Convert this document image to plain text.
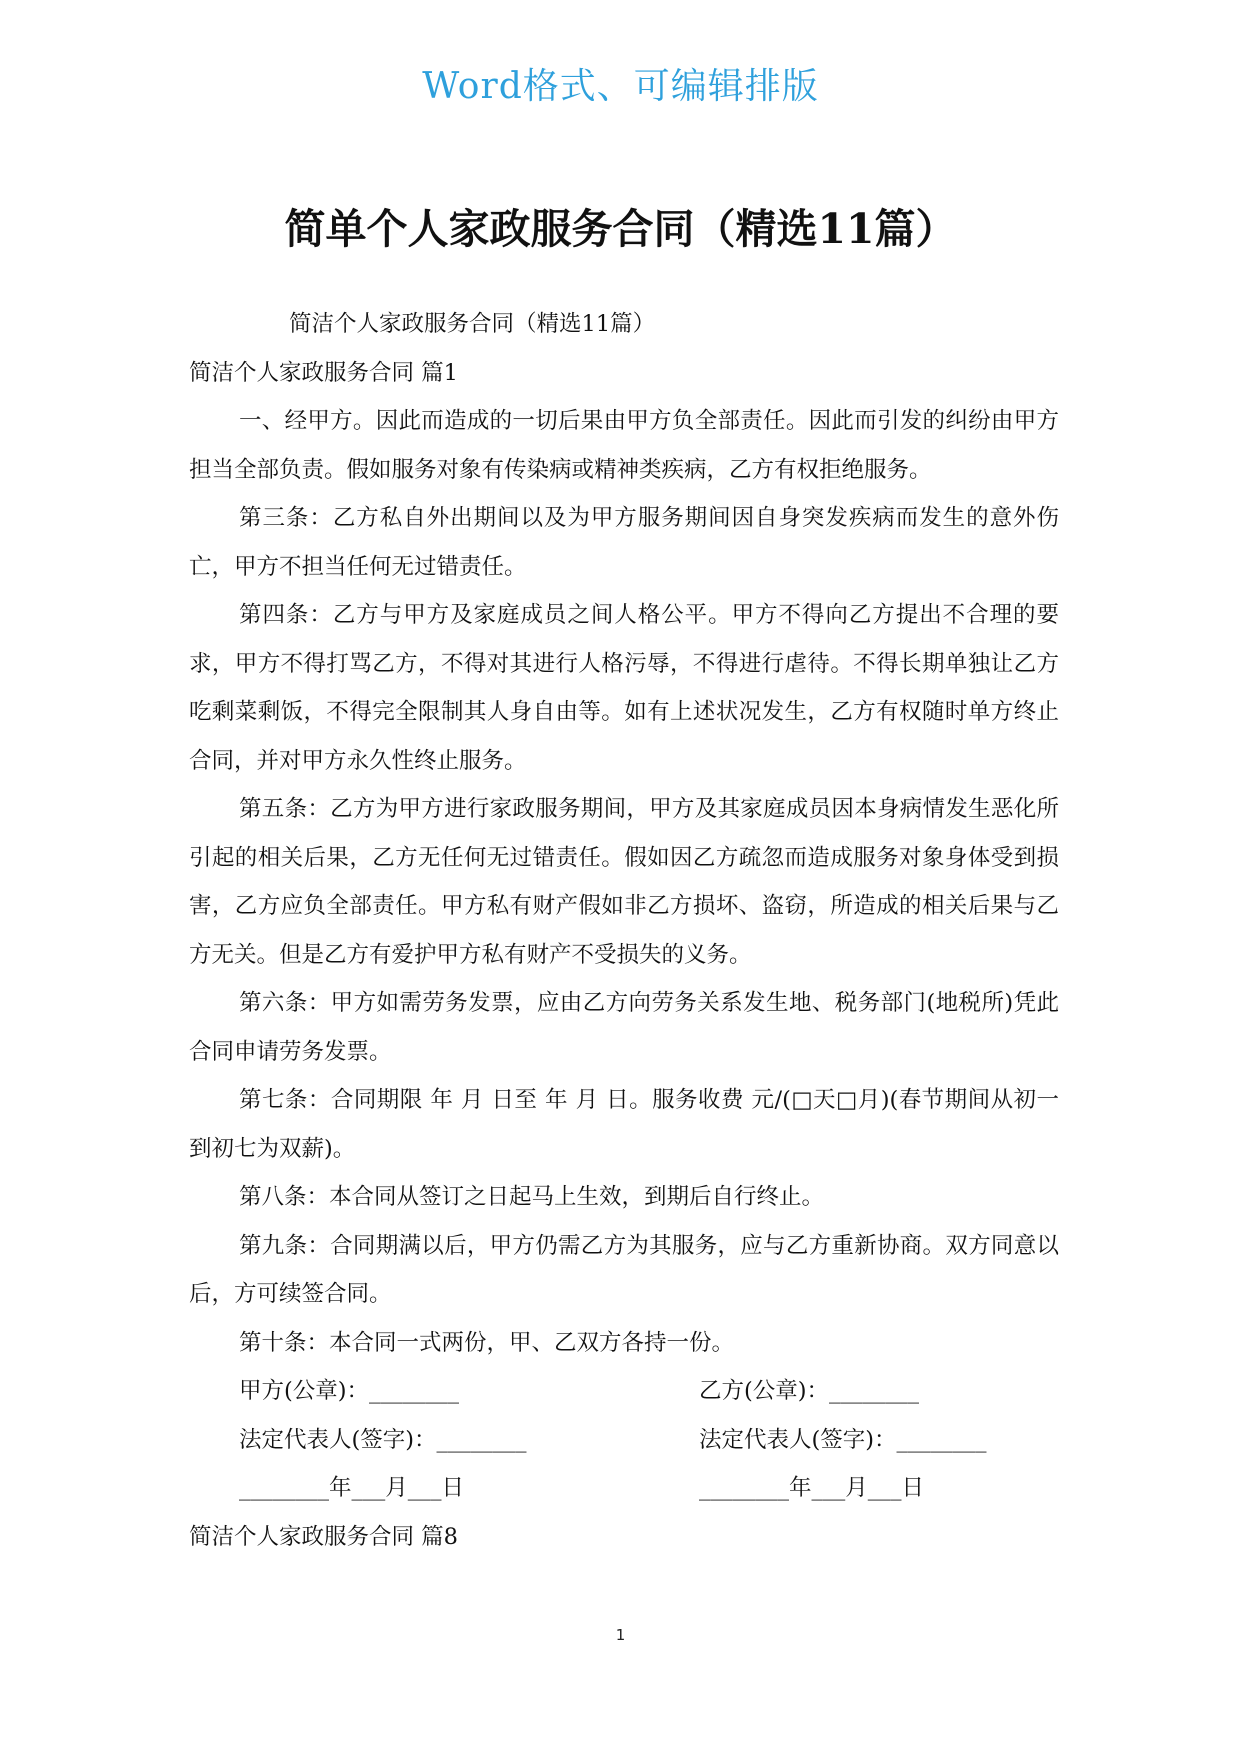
Word格式、可编辑排版
简单个人家政服务合同（精选11篇）

简洁个人家政服务合同（精选11篇）

简洁个人家政服务合同 篇1

一、经甲方。因此而造成的一切后果由甲方负全部责任。因此而引发的纠纷由甲方担当全部负责。假如服务对象有传染病或精神类疾病，乙方有权拒绝服务。

第三条：乙方私自外出期间以及为甲方服务期间因自身突发疾病而发生的意外伤亡，甲方不担当任何无过错责任。

第四条：乙方与甲方及家庭成员之间人格公平。甲方不得向乙方提出不合理的要求，甲方不得打骂乙方，不得对其进行人格污辱，不得进行虐待。不得长期单独让乙方吃剩菜剩饭，不得完全限制其人身自由等。如有上述状况发生，乙方有权随时单方终止合同，并对甲方永久性终止服务。

第五条：乙方为甲方进行家政服务期间，甲方及其家庭成员因本身病情发生恶化所引起的相关后果，乙方无任何无过错责任。假如因乙方疏忽而造成服务对象身体受到损害，乙方应负全部责任。甲方私有财产假如非乙方损坏、盗窃，所造成的相关后果与乙方无关。但是乙方有爱护甲方私有财产不受损失的义务。

第六条：甲方如需劳务发票，应由乙方向劳务关系发生地、税务部门(地税所)凭此合同申请劳务发票。

第七条：合同期限 年 月 日至 年 月 日。服务收费 元/(□天□月)(春节期间从初一到初七为双薪)。

第八条：本合同从签订之日起马上生效，到期后自行终止。

第九条：合同期满以后，甲方仍需乙方为其服务，应与乙方重新协商。双方同意以后，方可续签合同。

第十条：本合同一式两份，甲、乙双方各持一份。

甲方(公章)：________	乙方(公章)：________
法定代表人(签字)：________	法定代表人(签字)：________
________年___月___日	________年___月___日

简洁个人家政服务合同 篇8

1
